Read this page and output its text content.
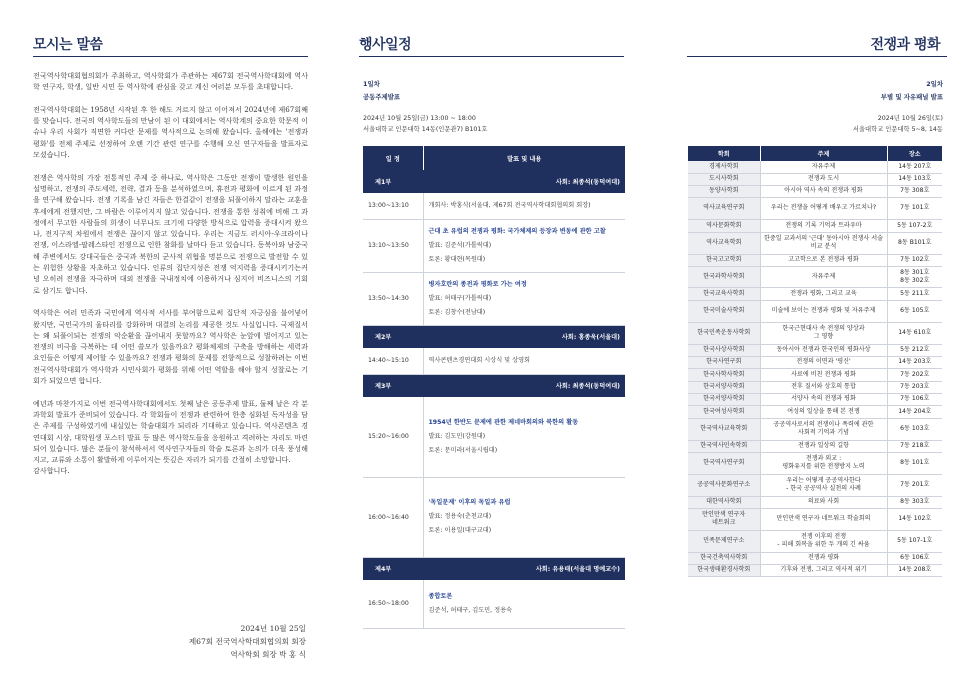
모시는 말씀

전국역사학대회협의회가 주최하고, 역사학회가 주관하는 제67회 전국역사학대회에 역사학 연구자, 학생, 일반 시민 등 역사학에 관심을 갖고 계신 여러분 모두를 초대합니다.

전국역사학대회는 1958년 시작된 후 한 해도 거르지 않고 이어져서 2024년에 제67회째를 맞습니다. 전국의 역사학도들의 만남이 된 이 대회에서는 역사학계의 중요한 학문적 이슈나 우리 사회가 직면한 커다란 문제를 역사적으로 논의해 왔습니다. 올해에는 '전쟁과 평화'를 전체 주제로 선정하여 오랜 기간 관련 연구를 수행해 오신 연구자들을 발표자로 모셨습니다.

전쟁은 역사학의 가장 전통적인 주제 중 하나로, 역사학은 그동안 전쟁이 발생한 원인을 설명하고, 전쟁의 주도세력, 전략, 결과 등을 분석하였으며, 휴전과 평화에 이르게 된 과정을 연구해 왔습니다. 전쟁 기록을 남긴 자들은 한결같이 전쟁을 되풀이하지 말라는 교훈을 후세에게 전했지만, 그 바람은 이루어지지 않고 있습니다. 전쟁을 통한 성취에 비해 그 과정에서 무고한 사람들의 희생이 너무나도 크기에 다양한 방식으로 압력을 증대시켜 왔으나, 전지구적 차원에서 전쟁은 끊이지 않고 있습니다. 우리는 지금도 러시아-우크라이나 전쟁, 이스라엘-팔레스타인 전쟁으로 인한 참화를 날마다 듣고 있습니다. 동북아와 남중국해 주변에서도 강대국들은 중국과 북한의 군사적 위협을 명분으로 전쟁으로 발전할 수 있는 위험한 상황을 자초하고 있습니다. 인류의 집단지성은 전쟁 억지력을 증대시키기는커녕 오히려 전쟁을 자극하며 대외 전쟁을 국내정치에 이용하거나 심지어 비즈니스의 기회로 삼기도 합니다.

역사학은 여러 민족과 국민에게 역사적 서사를 부여함으로써 집단적 자긍심을 불어넣어 왔지만, 국민국가의 울타리를 강화하며 대결의 논리를 제공한 것도 사실입니다. 국제질서는 왜 되풀이되는 전쟁의 악순환을 끊어내지 못할까요? 역사학은 눈앞에 벌어지고 있는 전쟁의 비극을 극복하는 데 어떤 쓸모가 있을까요? 평화체제의 구축을 방해하는 세력과 요인들은 어떻게 제어할 수 있을까요? 전쟁과 평화의 문제를 전향적으로 성찰하려는 이번 전국역사학대회가 역사학과 시민사회가 평화를 위해 어떤 역할을 해야 할지 성찰로는 기회가 되었으면 합니다.

예년과 마찬가지로 이번 전국역사학대회에서도 첫째 날은 공동주제 발표, 둘째 날은 각 분과학회 발표가 준비되어 있습니다. 각 학회들이 전쟁과 관련하여 한층 심화된 독자성을 담은 주제를 구성하였기에 내실있는 학술대회가 되리라 기대하고 있습니다. 역사콘텐츠 경연대회 시상, 대학원생 포스터 발표 등 많은 역사학도들을 응원하고 격려하는 자리도 마련되어 있습니다. 많은 분들이 참석하셔서 역사연구자들의 학술 토론과 논의가 더욱 풍성해지고, 교류와 소통이 활발하게 이루어지는 뜻깊은 자리가 되기를 간절히 소망합니다.

감사합니다.

2024년 10월 25일
제67회 전국역사학대회협의회 회장
역사학회 회장 박 홍 식
행사일정
1일차
공동주제발표
2024년 10월 25일(금) 13:00 ~ 18:00
서울대학교 인문대학 14동(인문관7) B101호
일 정	발표 및 내용
제1부	사회: 최종석(동덕여대)
13:00~13:10	개회사: 박홍식(서울대, 제67회 전국역사학대회협의회 회장)

13:10~13:50	근대 초 유럽의 전쟁과 평화: 국가체제의 등장과 변동에 관한 고찰
발표: 김준석(가톨릭대)
토론: 황대현(목원대)

13:50~14:30	병자호란의 종전과 평화로 가는 여정
발표: 허태구(가톨릭대)
토론: 김창수(전남대)

제2부	사회: 홍종욱(서울대)
14:40~15:10	역사콘텐츠경연대회 시상식 및 상영회

제3부	사회: 최종석(동덕여대)
15:20~16:00	1954년 한반도 문제에 관한 제네바회의와 북한의 활동
발표: 김도민(강원대)
토론: 문미라(서울시립대)

16:00~16:40	'독일문제' 이후의 독일과 유럽
발표: 정용숙(춘천교대)
토론: 이용일(대구교대)

제4부	사회: 유용태(서울대 명예교수)
16:50~18:00	종합토론
김준석, 허태구, 김도민, 정용숙
전쟁과 평화
2일차
부별 및 자유패널 발표
2024년 10월 26일(토)
서울대학교 인문대학 5~8, 14동
학회	주제	장소
경제사학회	자유주제	14동 207호
도시사학회	전쟁과 도시	14동 103호
동양사학회	아시아 역사 속의 전쟁과 평화	7동 308호
역사교육연구회	우리는 전쟁을 어떻게 배우고 가르치나?	7동 101호
역사문화학회	전쟁의 기록 기억과 트라우마	5동 107-2호
역사교육학회	한중일 교과서의 '근대' 동아시아 전쟁사 서술 비교 분석	8동 B101호
한국고고학회	고고학으로 본 전쟁과 평화	7동 102호
한국과학사학회	자유주제	8동 301호
8동 302호
한국교육사학회	전쟁과 평화, 그리고 교육	5동 211호
한국미술사학회	미술에 보이는 전쟁과 평화 및 자유주제	6동 105호
한국민족운동사학회	한국근현대사 속 전쟁의 양상과
그 영향	14동 610호
한국사상사학회	동아시아 전쟁과 한국인의 평화사상	5동 212호
한국사연구회	전쟁의 이면과 '평신'	14동 203호
한국사학사학회	사료에 비친 전쟁과 평화	7동 202호
한국서양사학회	전후 질서와 상호의 통합	7동 203호
한국서양사학회	서양사 속의 전쟁과 평화	7동 106호
한국여성사학회	여성의 일상을 통해 본 전쟁	14동 204호
한국역사교육학회	공공역사로서의 전쟁이나 폭력에 관한
사회적 기억과 기념	6동 103호
한국역사민속학회	전쟁과 일상의 길항	7동 218호
한국역사연구회	전쟁과 외교 :
평화유지를 위한 전쟁방지 노력	8동 101호
공공역사문화연구소	우리는 어떻게 공공역사한다
- 한국 공공역사 실천의 사례	7동 201호
대한역사학회	의료와 사회	8동 303호
만인만색 연구자
네트워크	만인만색 연구자 네트워크 학술회의	14동 102호
민족문제연구소	전쟁 이후의 전쟁
- 피해 회복을 위한 두 개의 긴 싸움	5동 107-1호
한국건축역사학회	전쟁과 평화	6동 106호
한국생태환경사학회	기후와 전쟁, 그리고 역사적 위기	14동 208호
